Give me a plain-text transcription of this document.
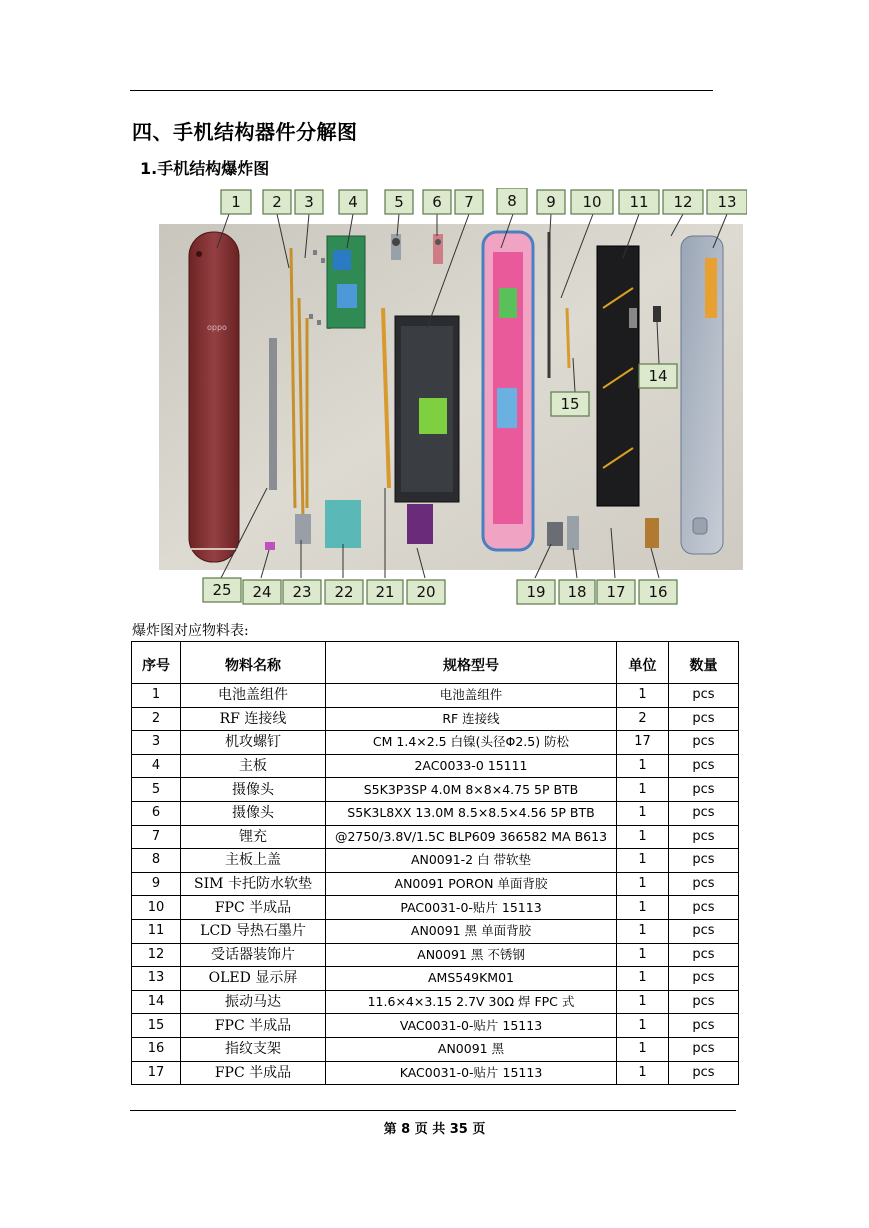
四、手机结构器件分解图
1.手机结构爆炸图
oppo
1 2 3 4 5 6 7 8 9 10 11 12 13
14
15
16
17
18
19
20
21
22
23
24
25
爆炸图对应物料表:
序号	物料名称	规格型号	单位	数量
1	电池盖组件	电池盖组件	1	pcs
2	RF 连接线	RF 连接线	2	pcs
3	机攻螺钉	CM 1.4×2.5 白镍(头径Φ2.5) 防松	17	pcs
4	主板	2AC0033-0 15111	1	pcs
5	摄像头	S5K3P3SP 4.0M 8×8×4.75 5P BTB	1	pcs
6	摄像头	S5K3L8XX 13.0M 8.5×8.5×4.56 5P BTB	1	pcs
7	锂充	@2750/3.8V/1.5C BLP609 366582 MA B613	1	pcs
8	主板上盖	AN0091-2 白 带软垫	1	pcs
9	SIM 卡托防水软垫	AN0091 PORON 单面背胶	1	pcs
10	FPC 半成品	PAC0031-0-贴片 15113	1	pcs
11	LCD 导热石墨片	AN0091 黑 单面背胶	1	pcs
12	受话器装饰片	AN0091 黑 不锈钢	1	pcs
13	OLED 显示屏	AMS549KM01	1	pcs
14	振动马达	11.6×4×3.15 2.7V 30Ω 焊 FPC 式	1	pcs
15	FPC 半成品	VAC0031-0-贴片 15113	1	pcs
16	指纹支架	AN0091 黑	1	pcs
17	FPC 半成品	KAC0031-0-贴片 15113	1	pcs
第 8 页 共 35 页
